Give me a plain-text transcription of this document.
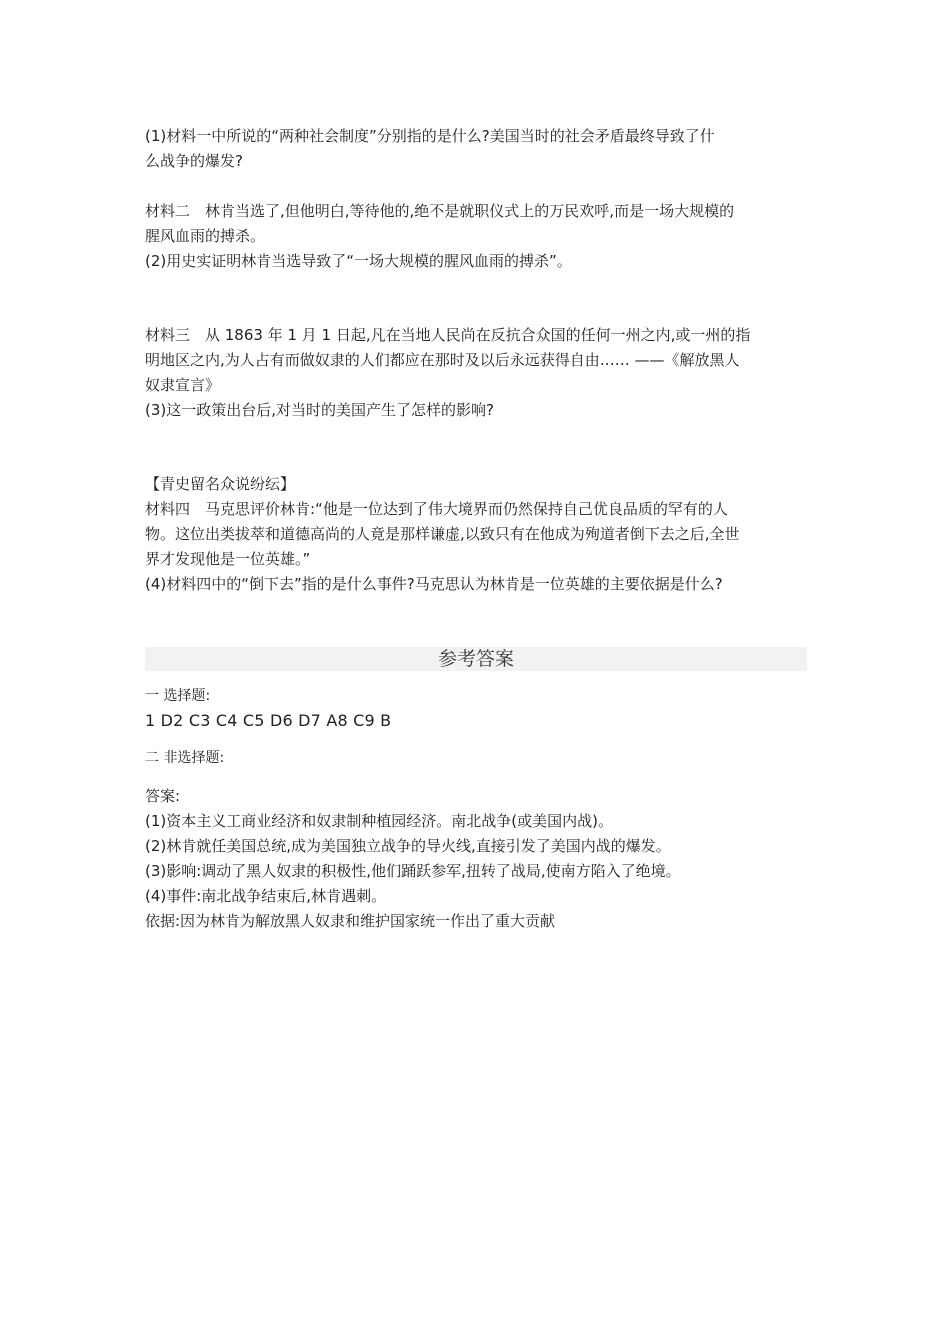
(1)材料一中所说的“两种社会制度”分别指的是什么?美国当时的社会矛盾最终导致了什
么战争的爆发?
材料二　林肯当选了,但他明白,等待他的,绝不是就职仪式上的万民欢呼,而是一场大规模的
腥风血雨的搏杀。
(2)用史实证明林肯当选导致了“一场大规模的腥风血雨的搏杀”。
材料三　从 1863 年 1 月 1 日起,凡在当地人民尚在反抗合众国的任何一州之内,或一州的指
明地区之内,为人占有而做奴隶的人们都应在那时及以后永远获得自由…… ——《解放黑人
奴隶宣言》
(3)这一政策出台后,对当时的美国产生了怎样的影响?
【青史留名众说纷纭】
材料四　马克思评价林肯:“他是一位达到了伟大境界而仍然保持自己优良品质的罕有的人
物。这位出类拔萃和道德高尚的人竟是那样谦虚,以致只有在他成为殉道者倒下去之后,全世
界才发现他是一位英雄。”
(4)材料四中的“倒下去”指的是什么事件?马克思认为林肯是一位英雄的主要依据是什么?
参考答案
一 选择题:
1 D2 C3 C4 C5 D6 D7 A8 C9 B
二 非选择题:
答案:
(1)资本主义工商业经济和奴隶制种植园经济。南北战争(或美国内战)。
(2)林肯就任美国总统,成为美国独立战争的导火线,直接引发了美国内战的爆发。
(3)影响:调动了黑人奴隶的积极性,他们踊跃参军,扭转了战局,使南方陷入了绝境。
(4)事件:南北战争结束后,林肯遇刺。
依据:因为林肯为解放黑人奴隶和维护国家统一作出了重大贡献
